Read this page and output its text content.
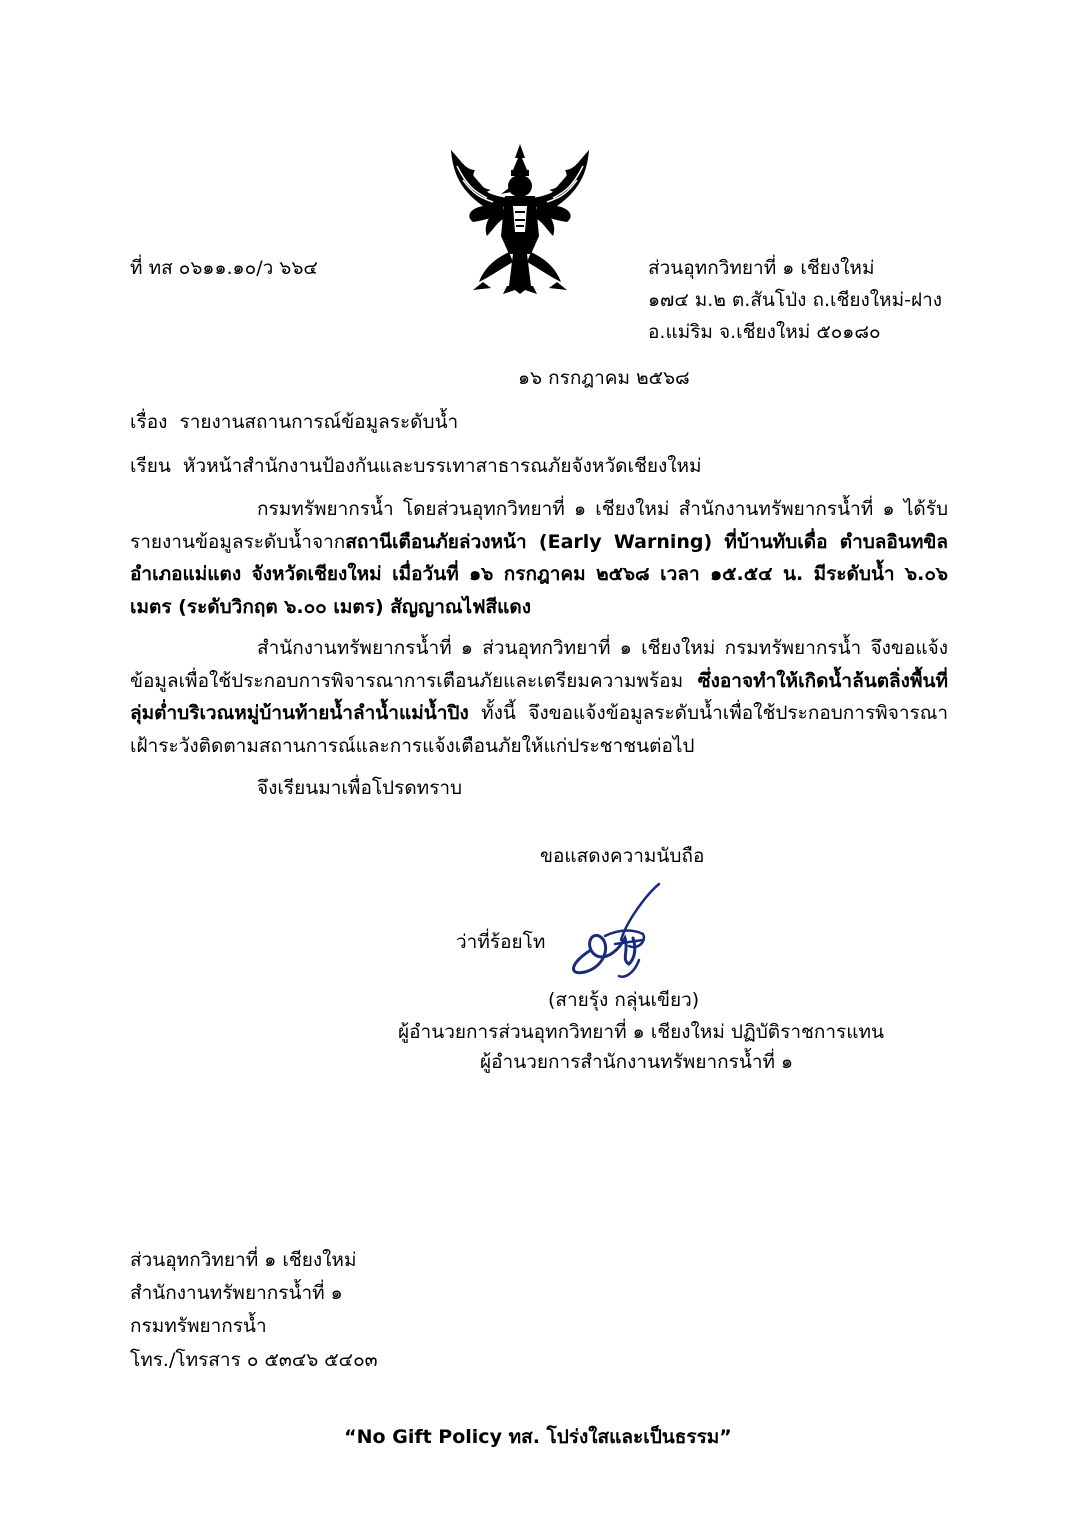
ที่ ทส ๐๖๑๑.๑๐/ว ๖๖๔	ส่วนอุทกวิทยาที่ ๑ เชียงใหม่
๑๗๔ ม.๒ ต.สันโป่ง ถ.เชียงใหม่-ฝาง
อ.แม่ริม จ.เชียงใหม่ ๕๐๑๘๐
๑๖ กรกฎาคม ๒๕๖๘
เรื่อง รายงานสถานการณ์ข้อมูลระดับน้ำ
เรียน หัวหน้าสำนักงานป้องกันและบรรเทาสาธารณภัยจังหวัดเชียงใหม่
กรมทรัพยากรน้ำ โดยส่วนอุทกวิทยาที่ ๑ เชียงใหม่ สำนักงานทรัพยากรน้ำที่ ๑ ได้รับรายงานข้อมูลระดับน้ำจากสถานีเตือนภัยล่วงหน้า (Early Warning) ที่บ้านทับเดื่อ ตำบลอินทขิล อำเภอแม่แตง จังหวัดเชียงใหม่ เมื่อวันที่ ๑๖ กรกฎาคม ๒๕๖๘ เวลา ๑๕.๕๔ น. มีระดับน้ำ ๖.๐๖ เมตร (ระดับวิกฤต ๖.๐๐ เมตร) สัญญาณไฟสีแดง
สำนักงานทรัพยากรน้ำที่ ๑ ส่วนอุทกวิทยาที่ ๑ เชียงใหม่ กรมทรัพยากรน้ำ จึงขอแจ้งข้อมูลเพื่อใช้ประกอบการพิจารณาการเตือนภัยและเตรียมความพร้อม ซึ่งอาจทำให้เกิดน้ำล้นตลิ่งพื้นที่ลุ่มต่ำบริเวณหมู่บ้านท้ายน้ำลำน้ำแม่น้ำปิง ทั้งนี้ จึงขอแจ้งข้อมูลระดับน้ำเพื่อใช้ประกอบการพิจารณาเฝ้าระวังติดตามสถานการณ์และการแจ้งเตือนภัยให้แก่ประชาชนต่อไป
จึงเรียนมาเพื่อโปรดทราบ
ขอแสดงความนับถือ
ว่าที่ร้อยโท
(สายรุ้ง กลุ่นเขียว)
ผู้อำนวยการส่วนอุทกวิทยาที่ ๑ เชียงใหม่ ปฏิบัติราชการแทน
ผู้อำนวยการสำนักงานทรัพยากรน้ำที่ ๑
ส่วนอุทกวิทยาที่ ๑ เชียงใหม่
สำนักงานทรัพยากรน้ำที่ ๑
กรมทรัพยากรน้ำ
โทร./โทรสาร ๐ ๕๓๔๖ ๕๔๐๓
“No Gift Policy ทส. โปร่งใสและเป็นธรรม”
